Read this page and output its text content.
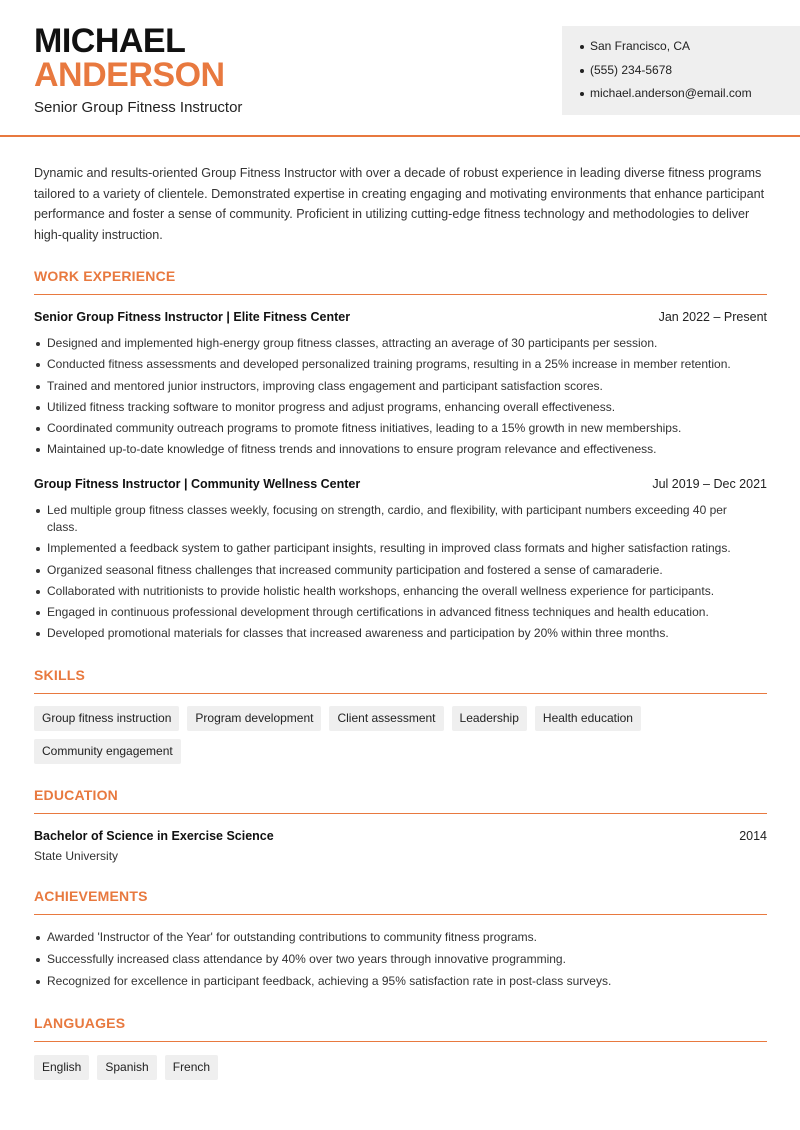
MICHAEL
ANDERSON
Senior Group Fitness Instructor
San Francisco, CA
(555) 234-5678
michael.anderson@email.com

Dynamic and results-oriented Group Fitness Instructor with over a decade of robust experience in leading diverse fitness programs tailored to a variety of clientele. Demonstrated expertise in creating engaging and motivating environments that enhance participant performance and foster a sense of community. Proficient in utilizing cutting-edge fitness technology and methodologies to deliver high-quality instruction.

WORK EXPERIENCE
Senior Group Fitness Instructor | Elite Fitness Center	Jan 2022 – Present
Designed and implemented high-energy group fitness classes, attracting an average of 30 participants per session.
Conducted fitness assessments and developed personalized training programs, resulting in a 25% increase in member retention.
Trained and mentored junior instructors, improving class engagement and participant satisfaction scores.
Utilized fitness tracking software to monitor progress and adjust programs, enhancing overall effectiveness.
Coordinated community outreach programs to promote fitness initiatives, leading to a 15% growth in new memberships.
Maintained up-to-date knowledge of fitness trends and innovations to ensure program relevance and effectiveness.
Group Fitness Instructor | Community Wellness Center	Jul 2019 – Dec 2021
Led multiple group fitness classes weekly, focusing on strength, cardio, and flexibility, with participant numbers exceeding 40 per class.
Implemented a feedback system to gather participant insights, resulting in improved class formats and higher satisfaction ratings.
Organized seasonal fitness challenges that increased community participation and fostered a sense of camaraderie.
Collaborated with nutritionists to provide holistic health workshops, enhancing the overall wellness experience for participants.
Engaged in continuous professional development through certifications in advanced fitness techniques and health education.
Developed promotional materials for classes that increased awareness and participation by 20% within three months.
SKILLS
Group fitness instruction	Program development	Client assessment	Leadership	Health education
Community engagement
EDUCATION
Bachelor of Science in Exercise Science	2014
State University
ACHIEVEMENTS
Awarded 'Instructor of the Year' for outstanding contributions to community fitness programs.
Successfully increased class attendance by 40% over two years through innovative programming.
Recognized for excellence in participant feedback, achieving a 95% satisfaction rate in post-class surveys.
LANGUAGES
English	Spanish	French
